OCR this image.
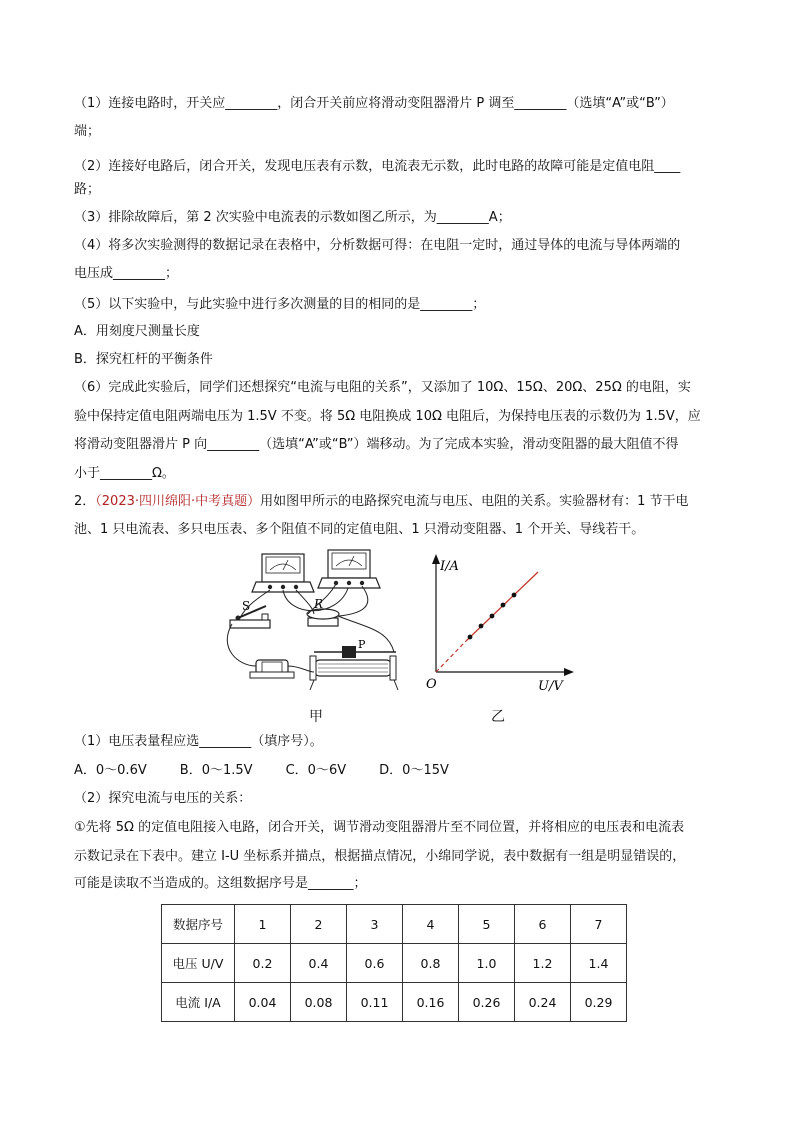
（1）连接电路时，开关应________，闭合开关前应将滑动变阻器滑片 P 调至________（选填“A”或“B”）
端；
（2）连接好电路后，闭合开关，发现电压表有示数，电流表无示数，此时电路的故障可能是定值电阻____
路；
（3）排除故障后，第 2 次实验中电流表的示数如图乙所示，为________A；
（4）将多次实验测得的数据记录在表格中，分析数据可得：在电阻一定时，通过导体的电流与导体两端的
电压成________；
（5）以下实验中，与此实验中进行多次测量的目的相同的是________；
A．用刻度尺测量长度
B．探究杠杆的平衡条件
（6）完成此实验后，同学们还想探究“电流与电阻的关系”，又添加了 10Ω、15Ω、20Ω、25Ω 的电阻，实
验中保持定值电阻两端电压为 1.5V 不变。将 5Ω 电阻换成 10Ω 电阻后，为保持电压表的示数仍为 1.5V，应
将滑动变阻器滑片 P 向________（选填“A”或“B”）端移动。为了完成本实验，滑动变阻器的最大阻值不得
小于________Ω。
2．（2023·四川绵阳·中考真题）用如图甲所示的电路探究电流与电压、电阻的关系。实验器材有：1 节干电
池、1 只电流表、多只电压表、多个阻值不同的定值电阻、1 只滑动变阻器、1 个开关、导线若干。
S	R
P
甲
I/A
U/V
O
乙
（1）电压表量程应选________（填序号）。
A．0～0.6V        B．0～1.5V        C．0～6V        D．0～15V
（2）探究电流与电压的关系：
①先将 5Ω 的定值电阻接入电路，闭合开关，调节滑动变阻器滑片至不同位置，并将相应的电压表和电流表
示数记录在下表中。建立 I-U 坐标系并描点，根据描点情况，小绵同学说，表中数据有一组是明显错误的，
可能是读取不当造成的。这组数据序号是_______；
数据序号	1	2	3	4	5	6	7
电压 U/V	0.2	0.4	0.6	0.8	1.0	1.2	1.4
电流 I/A	0.04	0.08	0.11	0.16	0.26	0.24	0.29
